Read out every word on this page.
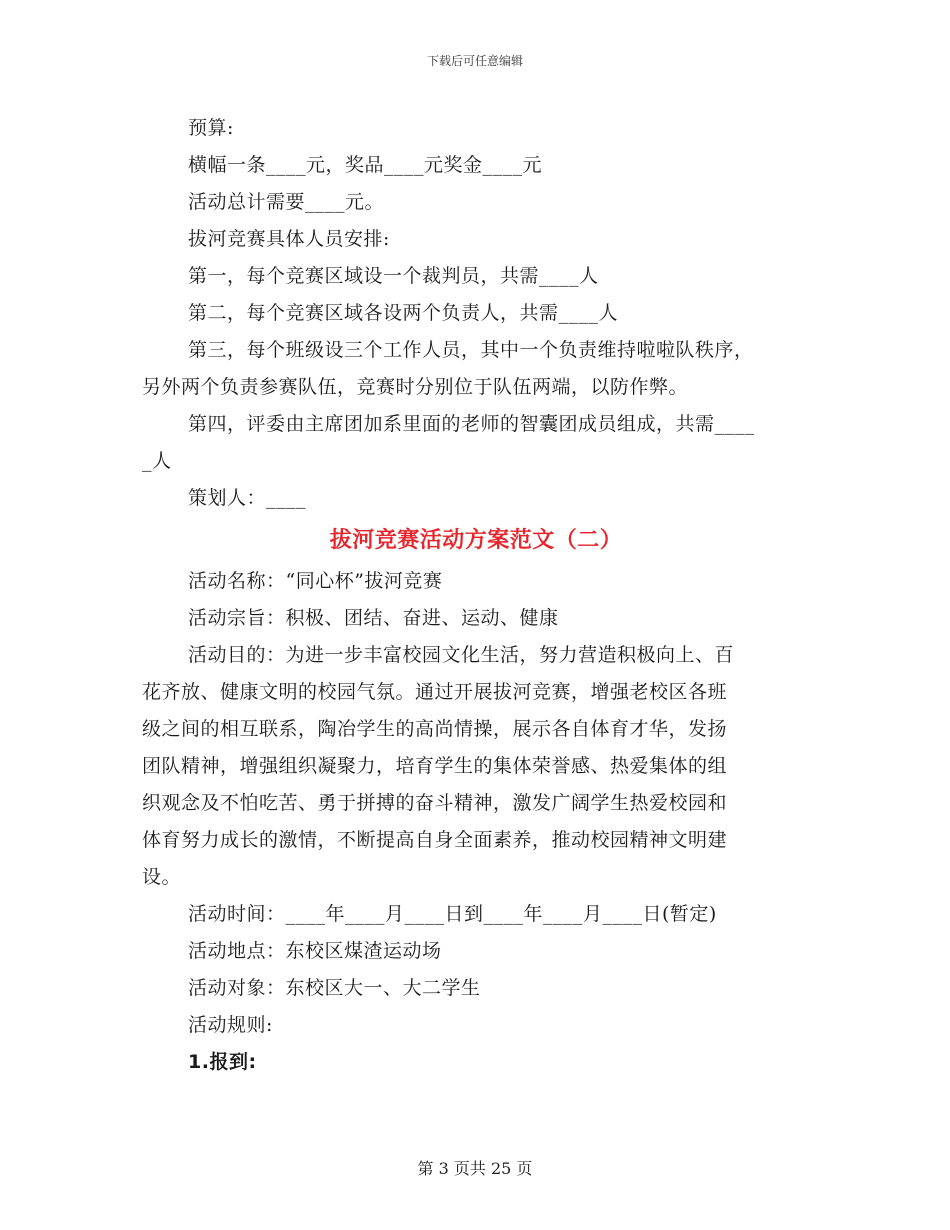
下载后可任意编辑
预算:
横幅一条____元，奖品____元奖金____元
活动总计需要____元。
拔河竞赛具体人员安排:
第一，每个竞赛区域设一个裁判员，共需____人
第二，每个竞赛区域各设两个负责人，共需____人
第三，每个班级设三个工作人员，其中一个负责维持啦啦队秩序，
另外两个负责参赛队伍，竞赛时分别位于队伍两端，以防作弊。
第四，评委由主席团加系里面的老师的智囊团成员组成，共需____
_人
策划人：____
拔河竞赛活动方案范文（二）
活动名称：“同心杯”拔河竞赛
活动宗旨：积极、团结、奋进、运动、健康
活动目的：为进一步丰富校园文化生活，努力营造积极向上、百
花齐放、健康文明的校园气氛。通过开展拔河竞赛，增强老校区各班
级之间的相互联系，陶冶学生的高尚情操，展示各自体育才华，发扬
团队精神，增强组织凝聚力，培育学生的集体荣誉感、热爱集体的组
织观念及不怕吃苦、勇于拼搏的奋斗精神，激发广阔学生热爱校园和
体育努力成长的激情，不断提高自身全面素养，推动校园精神文明建
设。
活动时间：____年____月____日到____年____月____日(暂定)
活动地点：东校区煤渣运动场
活动对象：东校区大一、大二学生
活动规则:
1.报到:
第 3 页共 25 页
